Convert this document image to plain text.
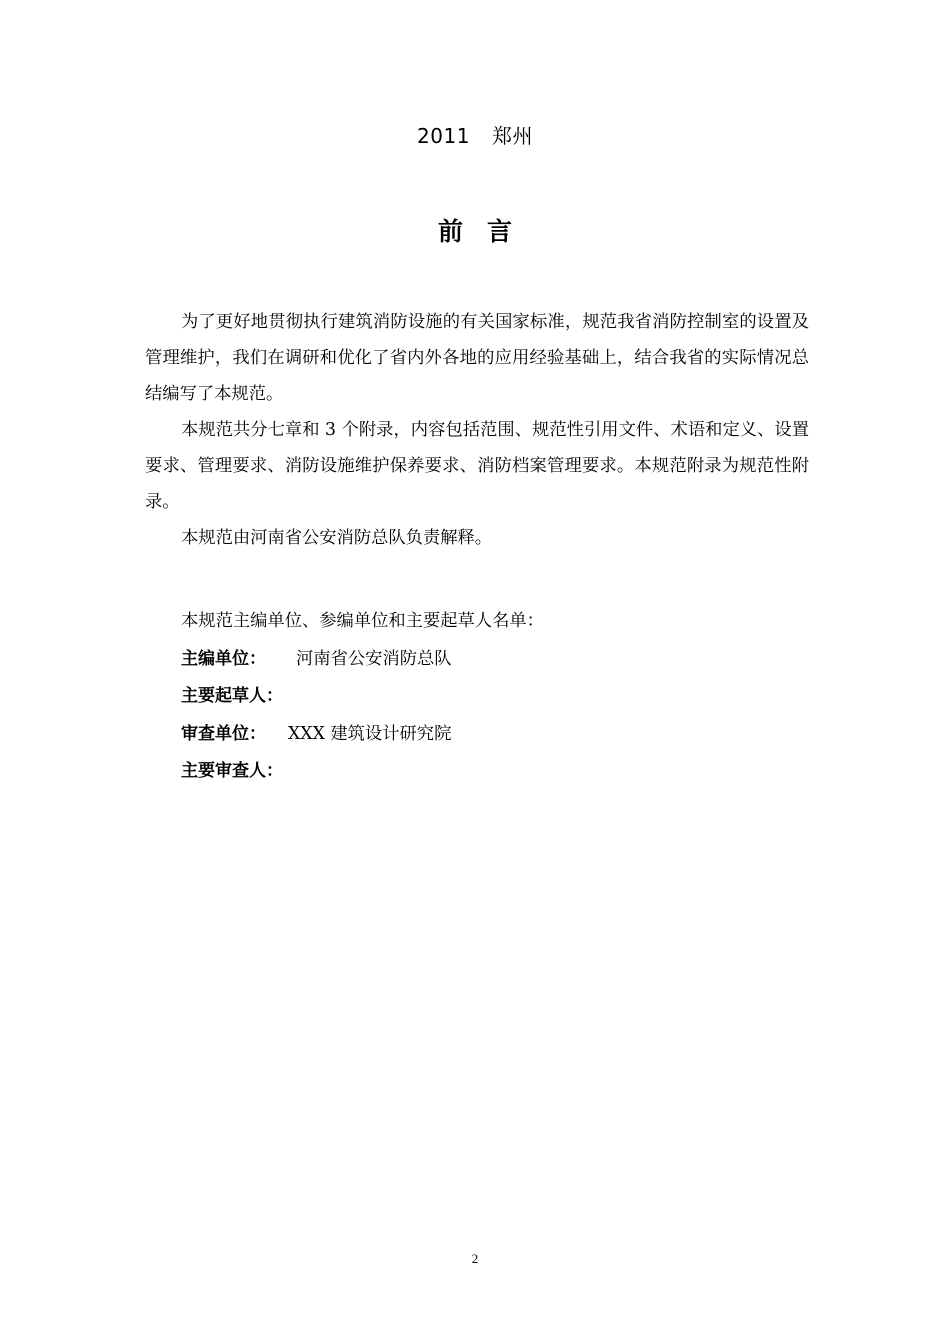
2011 郑州
前言

为了更好地贯彻执行建筑消防设施的有关国家标准，规范我省消防控制室的设置及管理维护，我们在调研和优化了省内外各地的应用经验基础上，结合我省的实际情况总结编写了本规范。

本规范共分七章和 3 个附录，内容包括范围、规范性引用文件、术语和定义、设置要求、管理要求、消防设施维护保养要求、消防档案管理要求。本规范附录为规范性附录。

本规范由河南省公安消防总队负责解释。

本规范主编单位、参编单位和主要起草人名单：

主编单位： 河南省公安消防总队
主要起草人：
审查单位： XXX 建筑设计研究院
主要审查人：
2
